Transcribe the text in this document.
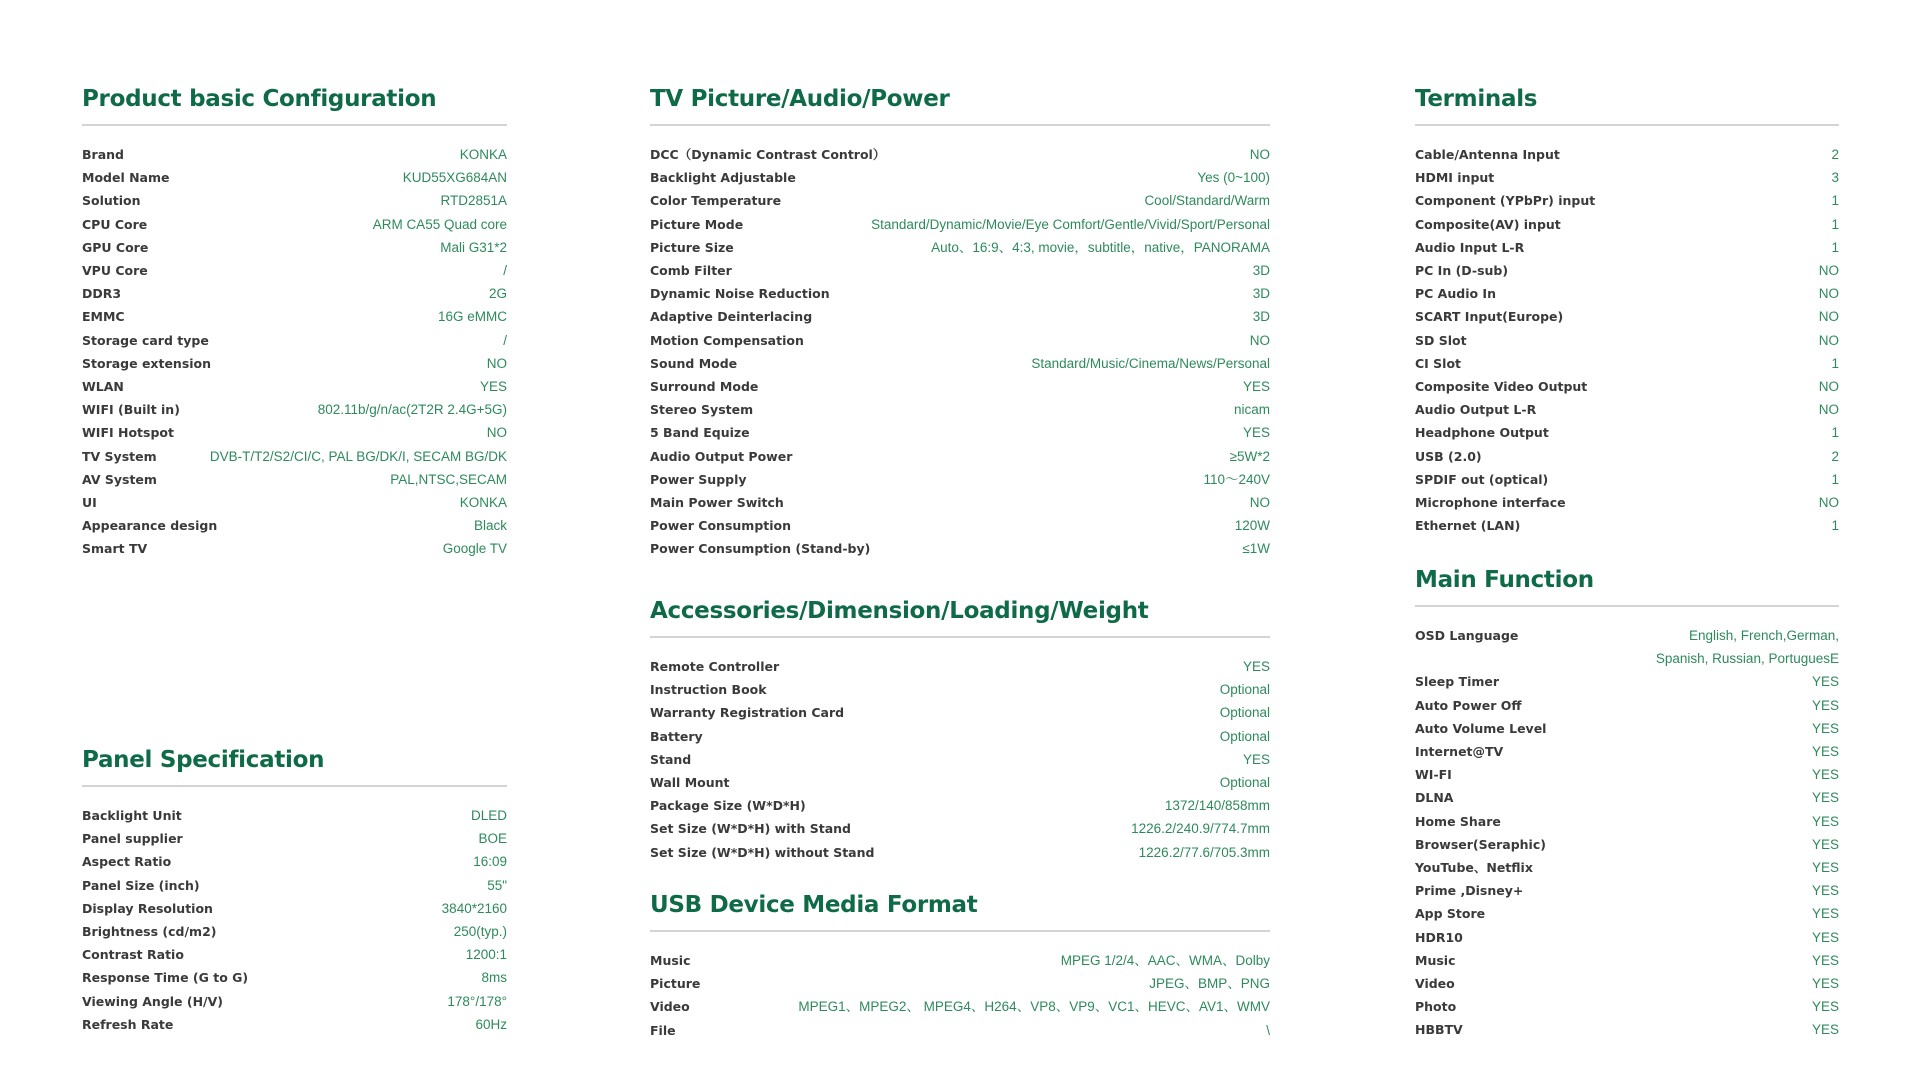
Product basic Configuration
Brand	KONKA
Model Name	KUD55XG684AN
Solution	RTD2851A
CPU Core	ARM CA55 Quad core
GPU Core	Mali G31*2
VPU Core	/
DDR3	2G
EMMC	16G eMMC
Storage card type	/
Storage extension	NO
WLAN	YES
WIFI (Built in)	802.11b/g/n/ac(2T2R 2.4G+5G)
WIFI Hotspot	NO
TV System	DVB-T/T2/S2/CI/C, PAL BG/DK/I, SECAM BG/DK
AV System	PAL,NTSC,SECAM
UI	KONKA
Appearance design	Black
Smart TV	Google TV
Panel Specification
Backlight Unit	DLED
Panel supplier	BOE
Aspect Ratio	16:09
Panel Size (inch)	55"
Display Resolution	3840*2160
Brightness (cd/m2)	250(typ.)
Contrast Ratio	1200:1
Response Time (G to G)	8ms
Viewing Angle (H/V)	178°/178°
Refresh Rate	60Hz
TV Picture/Audio/Power
DCC（Dynamic Contrast Control）	NO
Backlight Adjustable	Yes (0~100)
Color Temperature	Cool/Standard/Warm
Picture Mode	Standard/Dynamic/Movie/Eye Comfort/Gentle/Vivid/Sport/Personal
Picture Size	Auto、16:9、4:3, movie，subtitle，native，PANORAMA
Comb Filter	3D
Dynamic Noise Reduction	3D
Adaptive Deinterlacing	3D
Motion Compensation	NO
Sound Mode	Standard/Music/Cinema/News/Personal
Surround Mode	YES
Stereo System	nicam
5 Band Equize	YES
Audio Output Power	≥5W*2
Power Supply	110～240V
Main Power Switch	NO
Power Consumption	120W
Power Consumption (Stand-by)	≤1W
Accessories/Dimension/Loading/Weight
Remote Controller	YES
Instruction Book	Optional
Warranty Registration Card	Optional
Battery	Optional
Stand	YES
Wall Mount	Optional
Package Size (W*D*H)	1372/140/858mm
Set Size (W*D*H) with Stand	1226.2/240.9/774.7mm
Set Size (W*D*H) without Stand	1226.2/77.6/705.3mm
USB Device Media Format
Music	MPEG 1/2/4、AAC、WMA、Dolby
Picture	JPEG、BMP、PNG
Video	MPEG1、MPEG2、 MPEG4、H264、VP8、VP9、VC1、HEVC、AV1、WMV
File	\
Terminals
Cable/Antenna Input	2
HDMI input	3
Component (YPbPr) input	1
Composite(AV) input	1
Audio Input L-R	1
PC In (D-sub)	NO
PC Audio In	NO
SCART Input(Europe)	NO
SD Slot	NO
CI Slot	1
Composite Video Output	NO
Audio Output L-R	NO
Headphone Output	1
USB (2.0)	2
SPDIF out (optical)	1
Microphone interface	NO
Ethernet (LAN)	1
Main Function
OSD Language	English, French,German,
Spanish, Russian, PortuguesE
Sleep Timer	YES
Auto Power Off	YES
Auto Volume Level	YES
Internet@TV	YES
WI-FI	YES
DLNA	YES
Home Share	YES
Browser(Seraphic)	YES
YouTube、Netflix	YES
Prime ,Disney+	YES
App Store	YES
HDR10	YES
Music	YES
Video	YES
Photo	YES
HBBTV	YES
